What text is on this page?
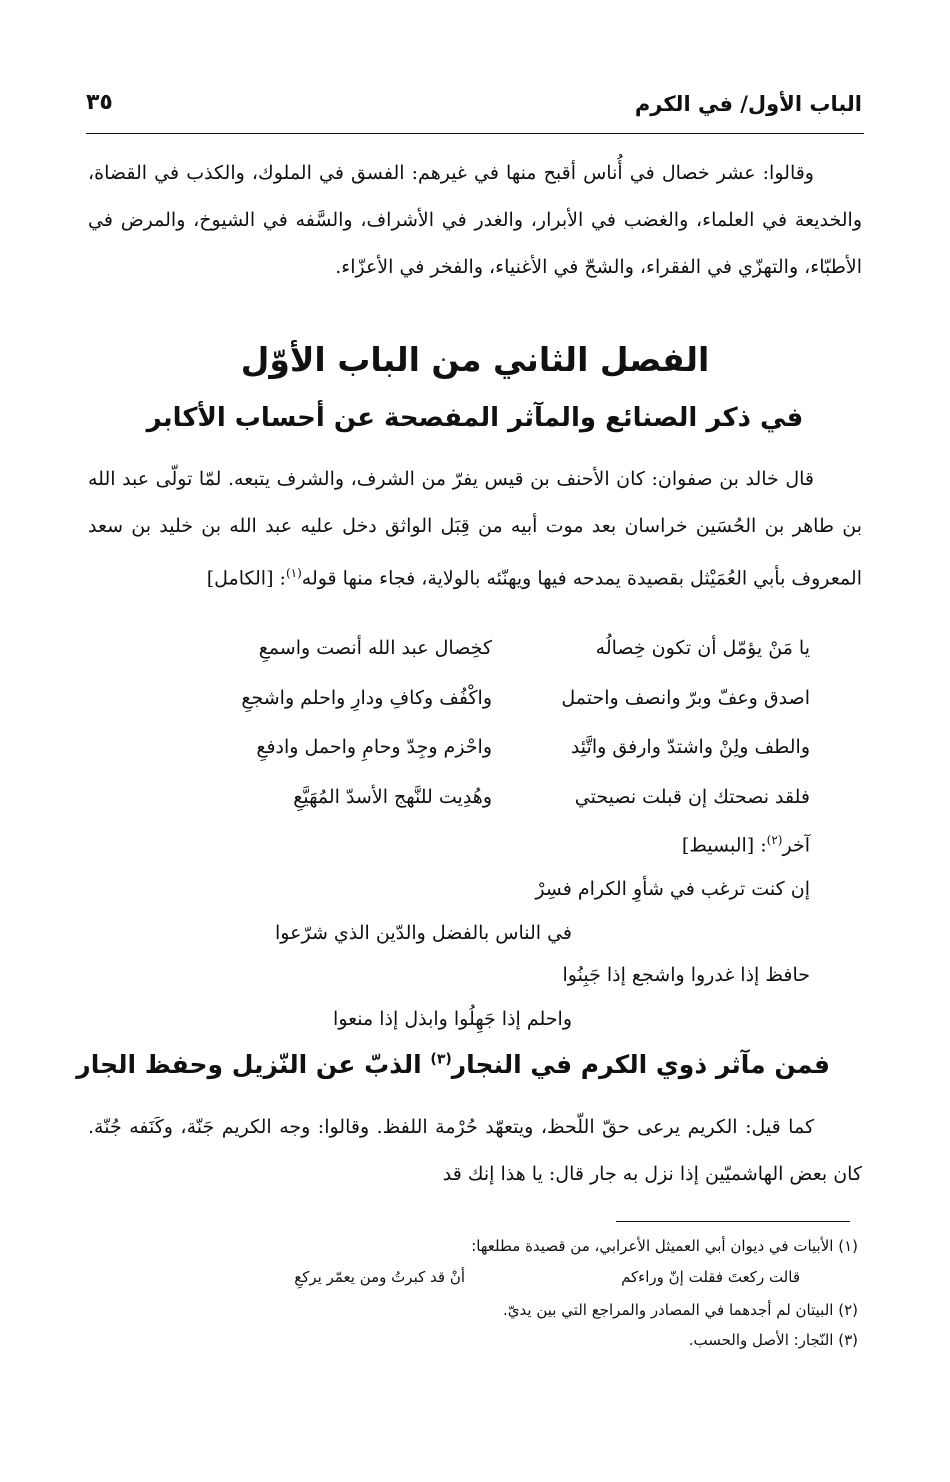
الباب الأول/ في الكرم
٣٥

وقالوا: عشر خصال في أُناس أقبح منها في غيرهم: الفسق في الملوك، والكذب في القضاة، والخديعة في العلماء، والغضب في الأبرار، والغدر في الأشراف، والسَّفه في الشيوخ، والمرض في الأطبّاء، والتهزّي في الفقراء، والشحّ في الأغنياء، والفخر في الأعزّاء.

الفصل الثاني من الباب الأوّل
في ذكر الصنائع والمآثر المفصحة عن أحساب الأكابر

قال خالد بن صفوان: كان الأحنف بن قيس يفرّ من الشرف، والشرف يتبعه. لمّا تولّى عبد الله بن طاهر بن الحُسَين خراسان بعد موت أبيه من قِبَل الواثق دخل عليه عبد الله بن خليد بن سعد المعروف بأبي العُمَيْثل بقصيدة يمدحه فيها ويهنّئه بالولاية، فجاء منها قوله$^{(١)}$: [الكامل]

يا مَنْ يؤمّل أن تكون خِصالُه
كخِصال عبد الله أنصت واسمعِ
اصدق وعفّ وبرّ وانصف واحتمل
واكْفُف وكافِ ودارِ واحلم واشجعِ
والطف ولِنْ واشتدّ وارفق واتَّئِد
واحْزم وجِدّ وحامِ واحمل وادفعِ
فلقد نصحتك إن قبلت نصيحتي
وهُدِيت للنَّهج الأسدّ المُهَيَّعِ
آخر$^{(٢)}$: [البسيط]
إن كنت ترغب في شأوِ الكرام فسِرْ
في الناس بالفضل والدّين الذي شرّعوا
حافظ إذا غدروا واشجع إذا جَبِنُوا
واحلم إذا جَهِلُوا وابذل إذا منعوا
فمن مآثر ذوي الكرم في النجار$^{(٣)}$ الذبّ عن النّزيل وحفظ الجار

كما قيل: الكريم يرعى حقّ اللّحظ، ويتعهّد حُرْمة اللفظ. وقالوا: وجه الكريم جَنّة، وكَنَفه جُنّة. كان بعض الهاشميّين إذا نزل به جار قال: يا هذا إنك قد

(١) الأبيات في ديوان أبي العميثل الأعرابي، من قصيدة مطلعها:
قالت ركعتَ فقلت إنّ وراءكم
أنْ قد كبرتُ ومن يعمّر يركعِ
(٢) البيتان لم أجدهما في المصادر والمراجع التي بين يديّ.
(٣) النّجار: الأصل والحسب.
